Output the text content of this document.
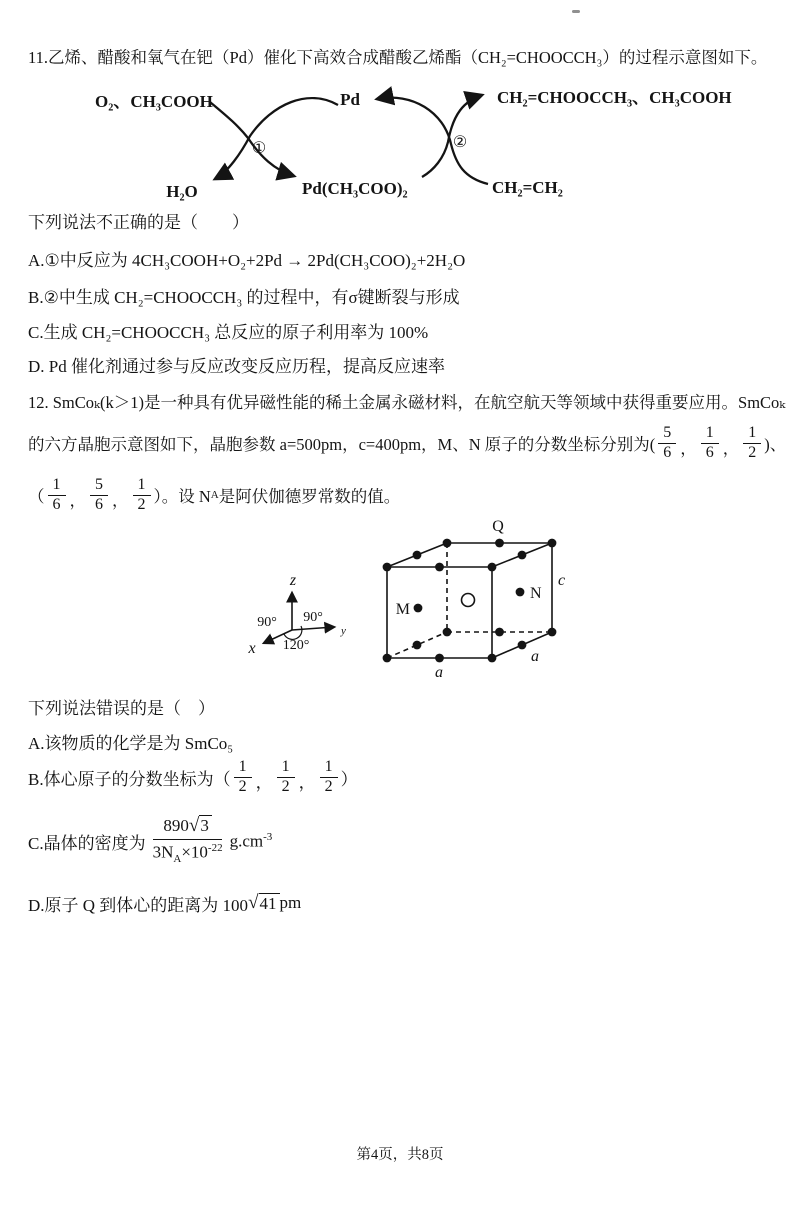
11.乙烯、醋酸和氧气在钯（Pd）催化下高效合成醋酸乙烯酯（CH₂=CHOOCCH₃）的过程示意图如下。
O₂、CH₃COOH	Pd	CH₂=CHOOCCH₃、CH₃COOH
H₂O	Pd(CH₃COO)₂	CH₂=CH₂
①	②
下列说法不正确的是（　　）
A.①中反应为 4CH₃COOH+O₂+2Pd → 2Pd(CH₃COO)₂+2H₂O
B.②中生成 CH₂=CHOOCCH₃ 的过程中，有σ键断裂与形成
C.生成 CH₂=CHOOCCH₃ 总反应的原子利用率为 100%
D. Pd 催化剂通过参与反应改变反应历程，提高反应速率
12. SmCoₖ(k＞1)是一种具有优异磁性能的稀土金属永磁材料，在航空航天等领域中获得重要应用。SmCoₖ
的六方晶胞示意图如下，晶胞参数 a=500pm，c=400pm，M、N 原子的分数坐标分别为( $\frac{5}{6}$ ， $\frac{1}{6}$ ， $\frac{1}{2}$ )、
（ $\frac{1}{6}$ ， $\frac{5}{6}$ ， $\frac{1}{2}$ ）。设 N A 是阿伏伽德罗常数的值。
z
y
x
90° 90°
120°
Q
M
N
c
a
a
下列说法错误的是（　）
A.该物质的化学是为 SmCo₅
B.体心原子的分数坐标为（ $\frac{1}{2}$ ， $\frac{1}{2}$ ， $\frac{1}{2}$ ）
C.晶体的密度为
890√3
$3N_A\times 10^{-22}$ $g.cm^{-3}$
D.原子 Q 到体心的距离为 100 √ 41 pm
第4页，共8页
